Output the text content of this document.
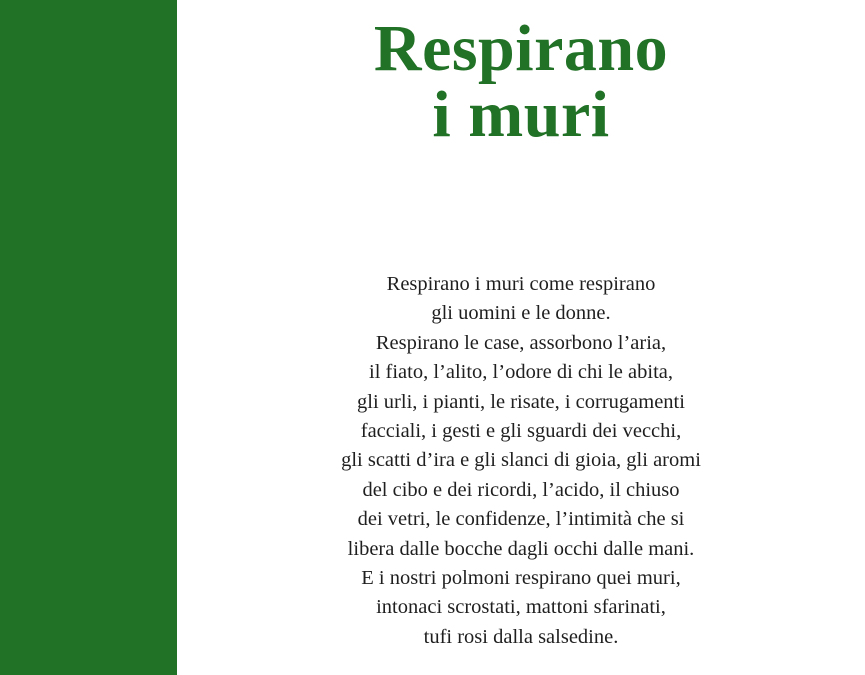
Respirano
i muri
Respirano i muri come respirano
gli uomini e le donne.
Respirano le case, assorbono l’aria,
il fiato, l’alito, l’odore di chi le abita,
gli urli, i pianti, le risate, i corrugamenti
facciali, i gesti e gli sguardi dei vecchi,
gli scatti d’ira e gli slanci di gioia, gli aromi
del cibo e dei ricordi, l’acido, il chiuso
dei vetri, le confidenze, l’intimità che si
libera dalle bocche dagli occhi dalle mani.
E i nostri polmoni respirano quei muri,
intonaci scrostati, mattoni sfarinati,
tufi rosi dalla salsedine.
